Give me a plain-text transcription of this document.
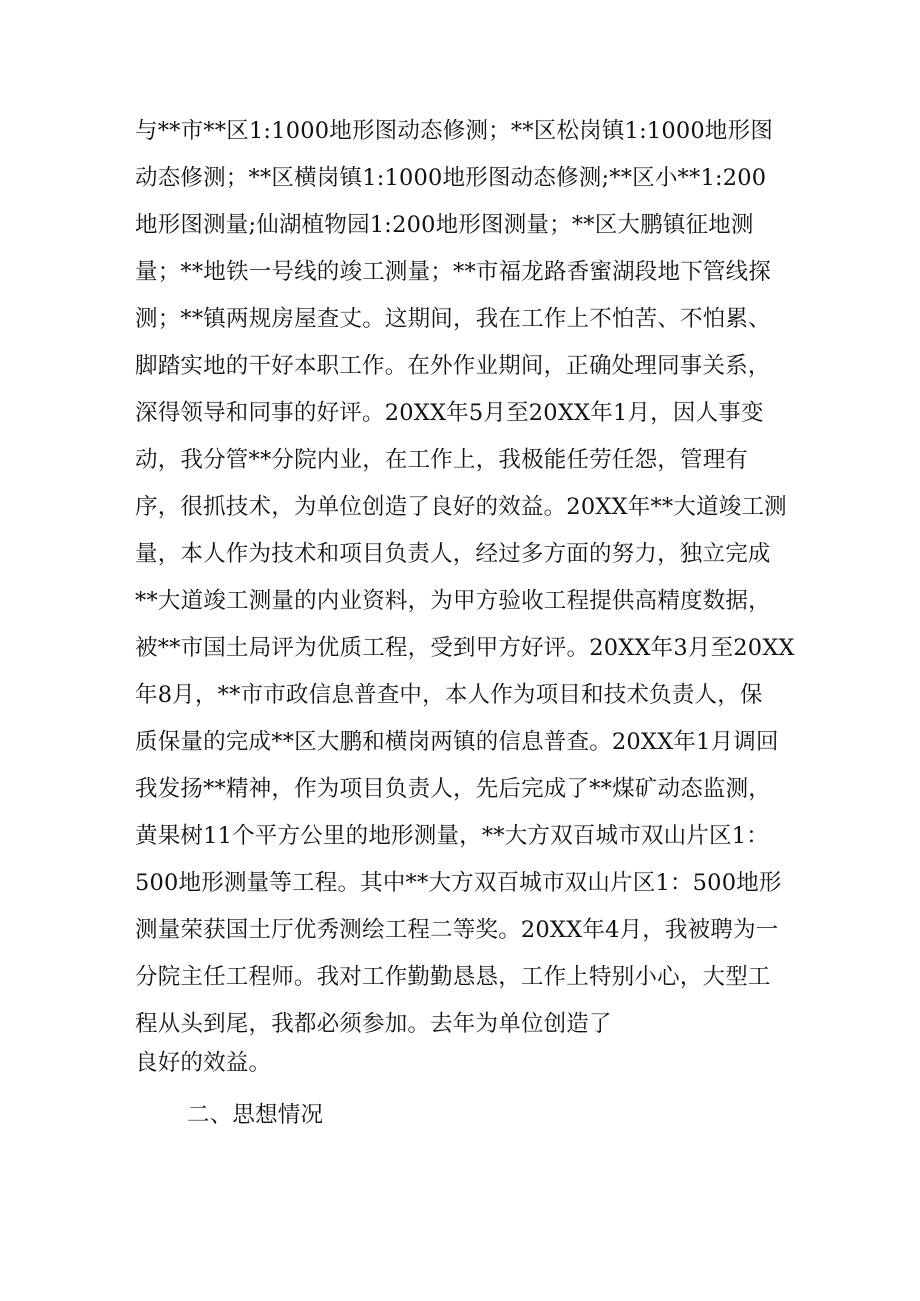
与**市**区1:1000地形图动态修测；**区松岗镇1:1000地形图
动态修测；**区横岗镇1:1000地形图动态修测;**区小**1:200
地形图测量;仙湖植物园1:200地形图测量；**区大鹏镇征地测
量；**地铁一号线的竣工测量；**市福龙路香蜜湖段地下管线探
测；**镇两规房屋查丈。这期间，我在工作上不怕苦、不怕累、
脚踏实地的干好本职工作。在外作业期间，正确处理同事关系，
深得领导和同事的好评。20XX年5月至20XX年1月，因人事变
动，我分管**分院内业，在工作上，我极能任劳任怨，管理有
序，很抓技术，为单位创造了良好的效益。20XX年**大道竣工测
量，本人作为技术和项目负责人，经过多方面的努力，独立完成
**大道竣工测量的内业资料，为甲方验收工程提供高精度数据，
被**市国土局评为优质工程，受到甲方好评。20XX年3月至20XX
年8月，**市市政信息普查中，本人作为项目和技术负责人，保
质保量的完成**区大鹏和横岗两镇的信息普查。20XX年1月调回
我发扬**精神，作为项目负责人，先后完成了**煤矿动态监测，
黄果树11个平方公里的地形测量，**大方双百城市双山片区1：
500地形测量等工程。其中**大方双百城市双山片区1：500地形
测量荣获国土厅优秀测绘工程二等奖。20XX年4月，我被聘为一
分院主任工程师。我对工作勤勤恳恳，工作上特别小心，大型工
程从头到尾，我都必须参加。去年为单位创造了
良好的效益。
二、思想情况
